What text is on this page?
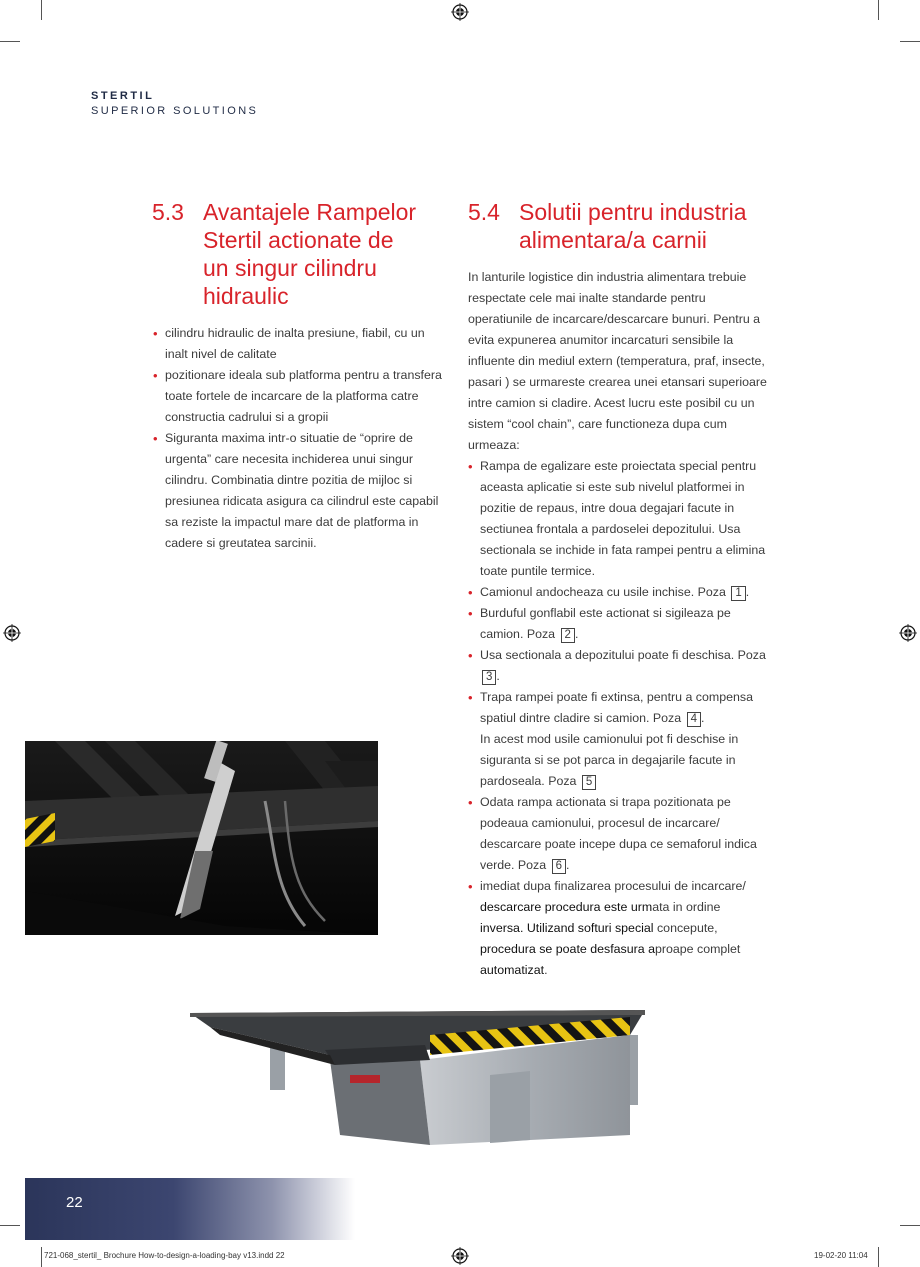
STERTIL
SUPERIOR SOLUTIONS
5.3 Avantajele Rampelor
Stertil actionate de
un singur cilindru
hidraulic
• cilindru hidraulic de inalta presiune, fiabil, cu un inalt nivel de calitate
• pozitionare ideala sub platforma pentru a transfera toate fortele de incarcare de la platforma catre constructia cadrului si a gropii
• Siguranta maxima intr-o situatie de “oprire de urgenta” care necesita inchiderea unui singur cilindru. Combinatia dintre pozitia de mijloc si presiunea ridicata asigura ca cilindrul este capabil sa reziste la impactul mare dat de platforma in cadere si greutatea sarcinii.
5.4 Solutii pentru industria
alimentara/a carnii
In lanturile logistice din industria alimentara trebuie respectate cele mai inalte standarde pentru operatiunile de incarcare/descarcare bunuri. Pentru a evita expunerea anumitor incarcaturi sensibile la influente din mediul extern (temperatura, praf, insecte, pasari ) se urmareste crearea unei etansari superioare intre camion si cladire. Acest lucru este posibil cu un sistem “cool chain”, care functioneza dupa cum urmeaza:
• Rampa de egalizare este proiectata special pentru aceasta aplicatie si este sub nivelul platformei in pozitie de repaus, intre doua degajari facute in sectiunea frontala a pardoselei depozitului. Usa sectionala se inchide in fata rampei pentru a elimina toate puntile termice.
• Camionul andocheaza cu usile inchise. Poza 1 .
• Burduful gonflabil este actionat si sigileaza pe camion. Poza 2 .
• Usa sectionala a depozitului poate fi deschisa. Poza 3 .
• Trapa rampei poate fi extinsa, pentru a compensa spatiul dintre cladire si camion. Poza 4 .
In acest mod usile camionului pot fi deschise in siguranta si se pot parca in degajarile facute in pardoseala. Poza 5
• Odata rampa actionata si trapa pozitionata pe podeaua camionului, procesul de incarcare/ descarcare poate incepe dupa ce semaforul indica verde. Poza 6 .
• imediat dupa finalizarea procesului de incarcare/
descarcare procedura este urmata in ordine
inversa. Utilizand softuri special concepute,
procedura se poate desfasura aproape complet
automatizat.
22
721-068_stertil_ Brochure How-to-design-a-loading-bay v13.indd 22	19-02-20 11:04
